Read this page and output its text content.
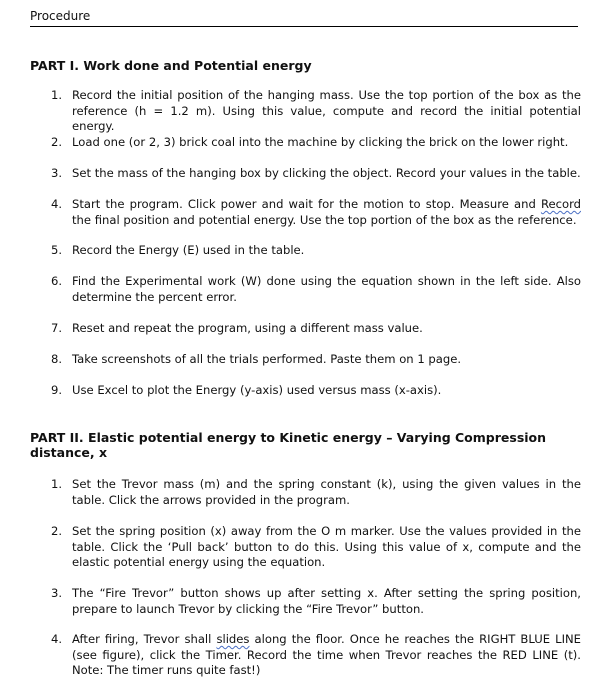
Procedure
PART I. Work done and Potential energy
1. Record the initial position of the hanging mass. Use the top portion of the box as the reference (h = 1.2 m). Using this value, compute and record the initial potential energy.
2. Load one (or 2, 3) brick coal into the machine by clicking the brick on the lower right.
3. Set the mass of the hanging box by clicking the object. Record your values in the table.
4. Start the program. Click power and wait for the motion to stop. Measure and Record the final position and potential energy. Use the top portion of the box as the reference.
5. Record the Energy (E) used in the table.
6. Find the Experimental work (W) done using the equation shown in the left side. Also determine the percent error.
7. Reset and repeat the program, using a different mass value.
8. Take screenshots of all the trials performed. Paste them on 1 page.
9. Use Excel to plot the Energy (y-axis) used versus mass (x-axis).
PART II. Elastic potential energy to Kinetic energy – Varying Compression distance, x
1. Set the Trevor mass (m) and the spring constant (k), using the given values in the table. Click the arrows provided in the program.
2. Set the spring position (x) away from the O m marker. Use the values provided in the table. Click the ‘Pull back’ button to do this. Using this value of x, compute and the elastic potential energy using the equation.
3. The “Fire Trevor” button shows up after setting x. After setting the spring position, prepare to launch Trevor by clicking the “Fire Trevor” button.
4. After firing, Trevor shall slides along the floor. Once he reaches the RIGHT BLUE LINE (see figure), click the Timer. Record the time when Trevor reaches the RED LINE (t). Note: The timer runs quite fast!)
